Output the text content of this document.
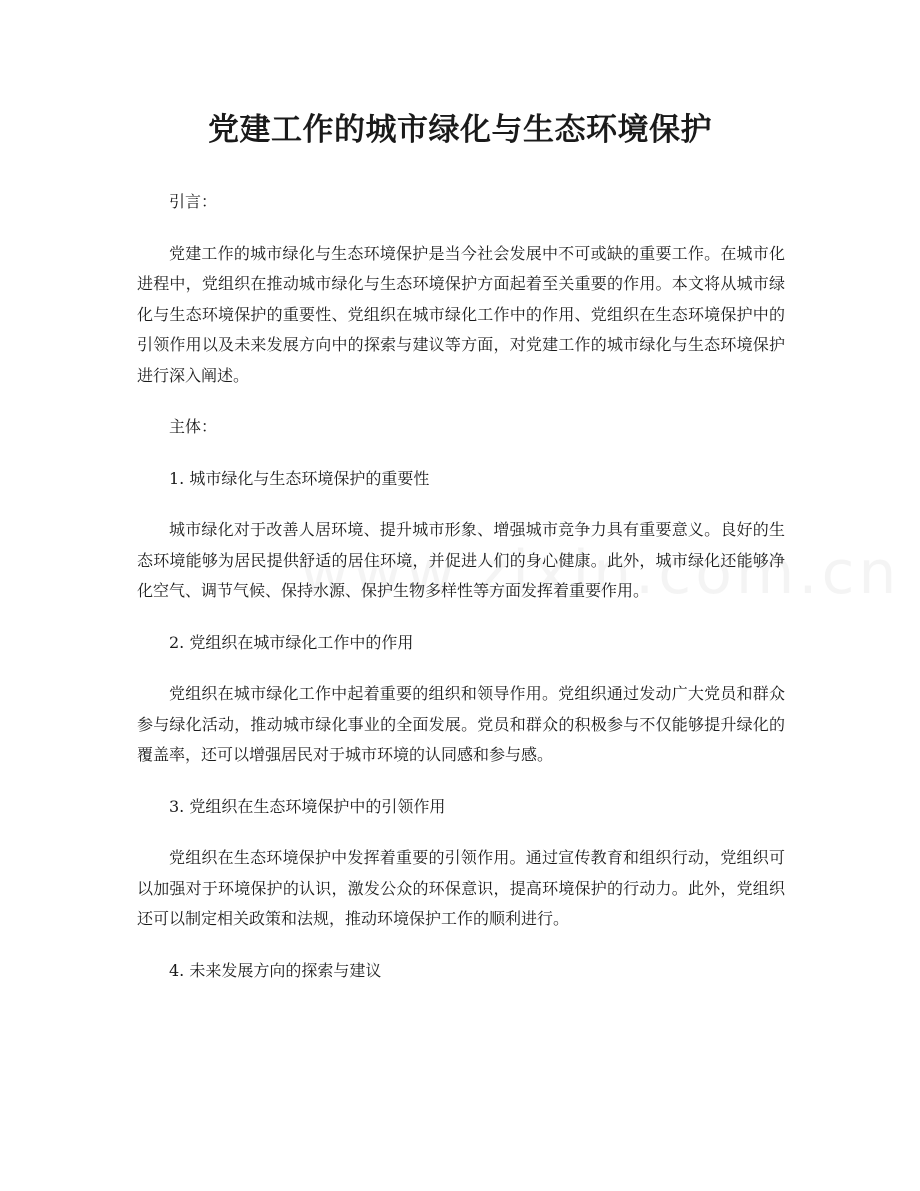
党建工作的城市绿化与生态环境保护

引言：

党建工作的城市绿化与生态环境保护是当今社会发展中不可或缺的重要工作。在城市化进程中，党组织在推动城市绿化与生态环境保护方面起着至关重要的作用。本文将从城市绿化与生态环境保护的重要性、党组织在城市绿化工作中的作用、党组织在生态环境保护中的引领作用以及未来发展方向中的探索与建议等方面，对党建工作的城市绿化与生态环境保护进行深入阐述。

主体：

1. 城市绿化与生态环境保护的重要性

城市绿化对于改善人居环境、提升城市形象、增强城市竞争力具有重要意义。良好的生态环境能够为居民提供舒适的居住环境，并促进人们的身心健康。此外，城市绿化还能够净化空气、调节气候、保持水源、保护生物多样性等方面发挥着重要作用。

2. 党组织在城市绿化工作中的作用

党组织在城市绿化工作中起着重要的组织和领导作用。党组织通过发动广大党员和群众参与绿化活动，推动城市绿化事业的全面发展。党员和群众的积极参与不仅能够提升绿化的覆盖率，还可以增强居民对于城市环境的认同感和参与感。

3. 党组织在生态环境保护中的引领作用

党组织在生态环境保护中发挥着重要的引领作用。通过宣传教育和组织行动，党组织可以加强对于环境保护的认识，激发公众的环保意识，提高环境保护的行动力。此外，党组织还可以制定相关政策和法规，推动环境保护工作的顺利进行。

4. 未来发展方向的探索与建议
